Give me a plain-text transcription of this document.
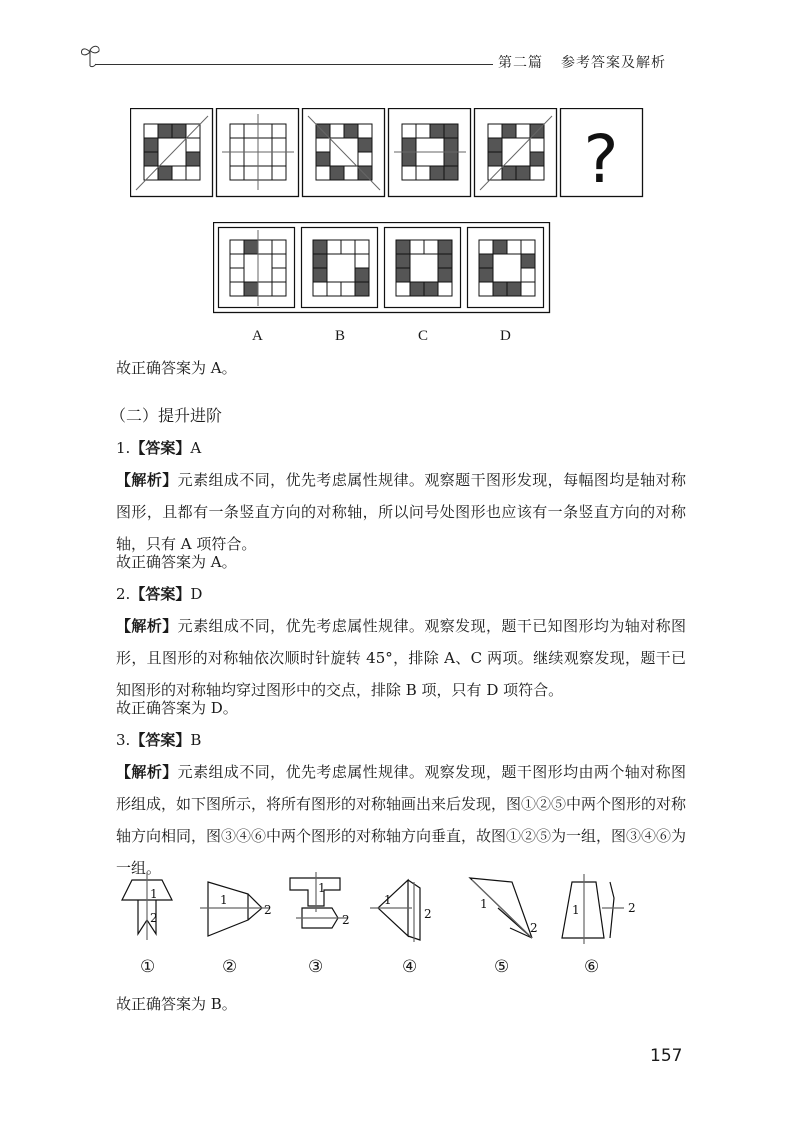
第二篇 参考答案及解析
?
A	B	C	D
故正确答案为 A。
（二）提升进阶
1.【答案】A
【解析】元素组成不同，优先考虑属性规律。观察题干图形发现，每幅图均是轴对称图形，且都有一条竖直方向的对称轴，所以问号处图形也应该有一条竖直方向的对称轴，只有 A 项符合。
故正确答案为 A。
2.【答案】D
【解析】元素组成不同，优先考虑属性规律。观察发现，题干已知图形均为轴对称图形，且图形的对称轴依次顺时针旋转 45°，排除 A、C 两项。继续观察发现，题干已知图形的对称轴均穿过图形中的交点，排除 B 项，只有 D 项符合。
故正确答案为 D。
3.【答案】B
【解析】元素组成不同，优先考虑属性规律。观察发现，题干图形均由两个轴对称图形组成，如下图所示，将所有图形的对称轴画出来后发现，图①②⑤中两个图形的对称轴方向相同，图③④⑥中两个图形的对称轴方向垂直，故图①②⑤为一组，图③④⑥为一组。
1
2
1
2
1
2
1
2
1
2
1	2
①	②	③	④	⑤	⑥
故正确答案为 B。
157
